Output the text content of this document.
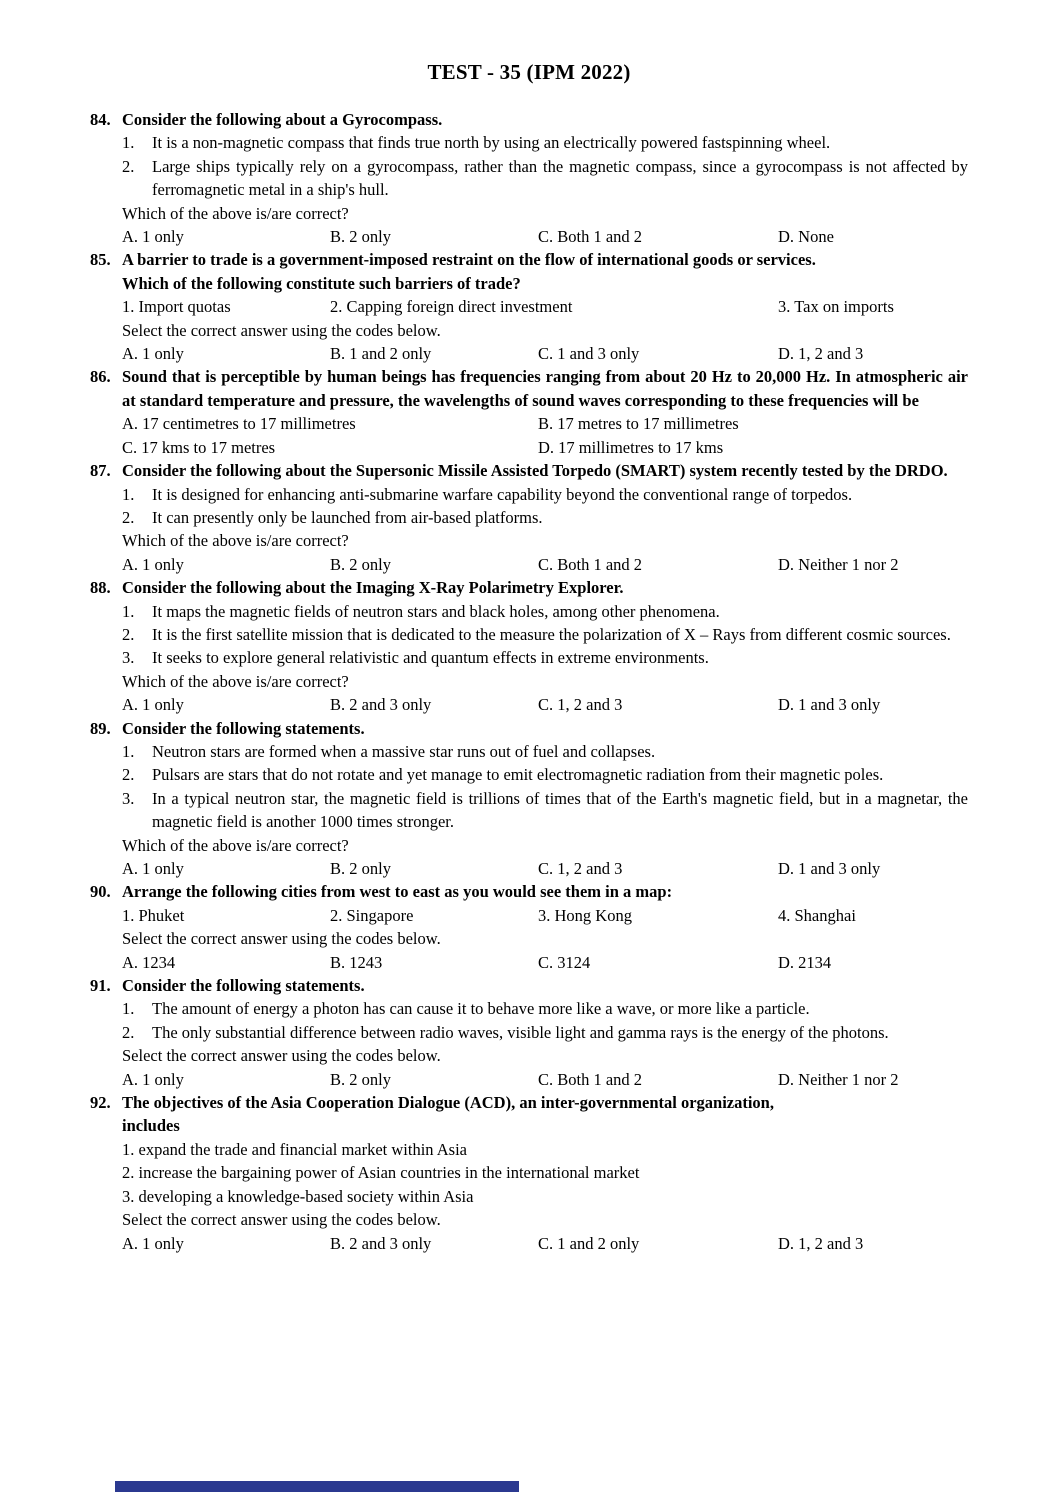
TEST - 35 (IPM 2022)
84. Consider the following about a Gyrocompass.
1.	It is a non-magnetic compass that finds true north by using an electrically powered fastspinning wheel.
2.	Large ships typically rely on a gyrocompass, rather than the magnetic compass, since a gyrocompass is not affected by ferromagnetic metal in a ship's hull.
Which of the above is/are correct?
A. 1 only	B. 2 only	C. Both 1 and 2	D. None
85. A barrier to trade is a government-imposed restraint on the flow of international goods or services.
Which of the following constitute such barriers of trade?
1. Import quotas	2. Capping foreign direct investment	3. Tax on imports
Select the correct answer using the codes below.
A. 1 only	B. 1 and 2 only	C. 1 and 3 only	D. 1, 2 and 3
86. Sound that is perceptible by human beings has frequencies ranging from about 20 Hz to 20,000 Hz. In atmospheric air at standard temperature and pressure, the wavelengths of sound waves corresponding to these frequencies will be
A. 17 centimetres to 17 millimetres	B. 17 metres to 17 millimetres
C. 17 kms to 17 metres	D. 17 millimetres to 17 kms
87. Consider the following about the Supersonic Missile Assisted Torpedo (SMART) system recently tested by the DRDO.
1.	It is designed for enhancing anti-submarine warfare capability beyond the conventional range of torpedos.
2.	It can presently only be launched from air-based platforms.
Which of the above is/are correct?
A. 1 only	B. 2 only	C. Both 1 and 2	D. Neither 1 nor 2
88. Consider the following about the Imaging X-Ray Polarimetry Explorer.
1.	It maps the magnetic fields of neutron stars and black holes, among other phenomena.
2.	It is the first satellite mission that is dedicated to the measure the polarization of X – Rays from different cosmic sources.
3.	It seeks to explore general relativistic and quantum effects in extreme environments.
Which of the above is/are correct?
A. 1 only	B. 2 and 3 only	C. 1, 2 and 3	D. 1 and 3 only
89. Consider the following statements.
1.	Neutron stars are formed when a massive star runs out of fuel and collapses.
2.	Pulsars are stars that do not rotate and yet manage to emit electromagnetic radiation from their magnetic poles.
3.	In a typical neutron star, the magnetic field is trillions of times that of the Earth's magnetic field, but in a magnetar, the magnetic field is another 1000 times stronger.
Which of the above is/are correct?
A. 1 only	B. 2 only	C. 1, 2 and 3	D. 1 and 3 only
90. Arrange the following cities from west to east as you would see them in a map:
1. Phuket	2. Singapore	3. Hong Kong	4. Shanghai
Select the correct answer using the codes below.
A. 1234	B. 1243	C. 3124	D. 2134
91. Consider the following statements.
1.	The amount of energy a photon has can cause it to behave more like a wave, or more like a particle.
2.	The only substantial difference between radio waves, visible light and gamma rays is the energy of the photons.
Select the correct answer using the codes below.
A. 1 only	B. 2 only	C. Both 1 and 2	D. Neither 1 nor 2
92. The objectives of the Asia Cooperation Dialogue (ACD), an inter-governmental organization,
includes
1. expand the trade and financial market within Asia
2. increase the bargaining power of Asian countries in the international market
3. developing a knowledge-based society within Asia
Select the correct answer using the codes below.
A. 1 only	B. 2 and 3 only	C. 1 and 2 only	D. 1, 2 and 3
